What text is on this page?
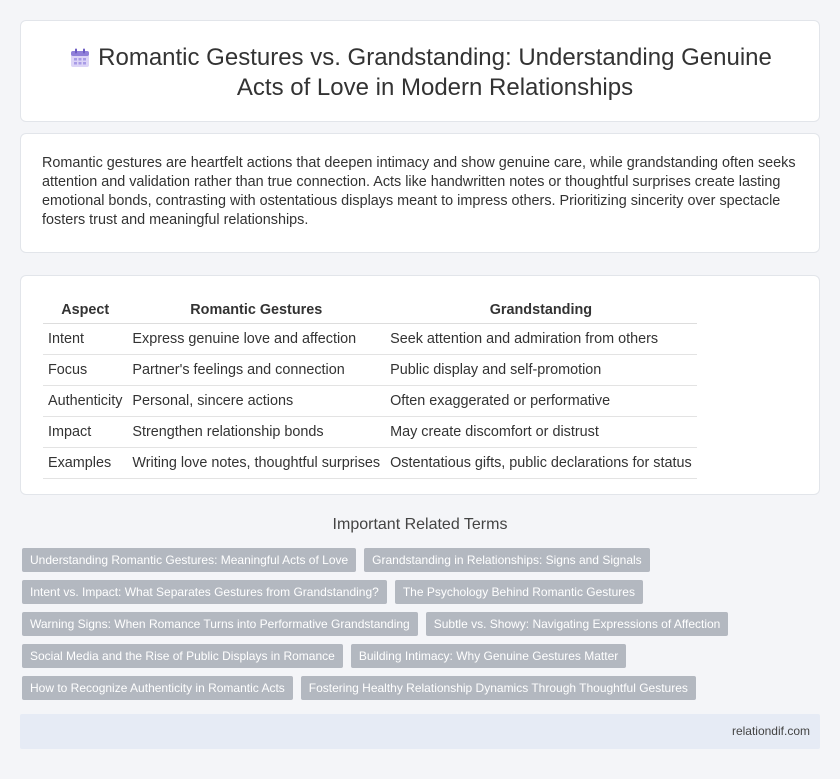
Romantic Gestures vs. Grandstanding: Understanding Genuine Acts of Love in Modern Relationships

Romantic gestures are heartfelt actions that deepen intimacy and show genuine care, while grandstanding often seeks attention and validation rather than true connection. Acts like handwritten notes or thoughtful surprises create lasting emotional bonds, contrasting with ostentatious displays meant to impress others. Prioritizing sincerity over spectacle fosters trust and meaningful relationships.

Aspect	Romantic Gestures	Grandstanding
Intent	Express genuine love and affection	Seek attention and admiration from others
Focus	Partner's feelings and connection	Public display and self-promotion
Authenticity	Personal, sincere actions	Often exaggerated or performative
Impact	Strengthen relationship bonds	May create discomfort or distrust
Examples	Writing love notes, thoughtful surprises	Ostentatious gifts, public declarations for status
Important Related Terms
Understanding Romantic Gestures: Meaningful Acts of Love	Grandstanding in Relationships: Signs and Signals
Intent vs. Impact: What Separates Gestures from Grandstanding?	The Psychology Behind Romantic Gestures
Warning Signs: When Romance Turns into Performative Grandstanding	Subtle vs. Showy: Navigating Expressions of Affection
Social Media and the Rise of Public Displays in Romance	Building Intimacy: Why Genuine Gestures Matter
How to Recognize Authenticity in Romantic Acts	Fostering Healthy Relationship Dynamics Through Thoughtful Gestures
relationdif.com
